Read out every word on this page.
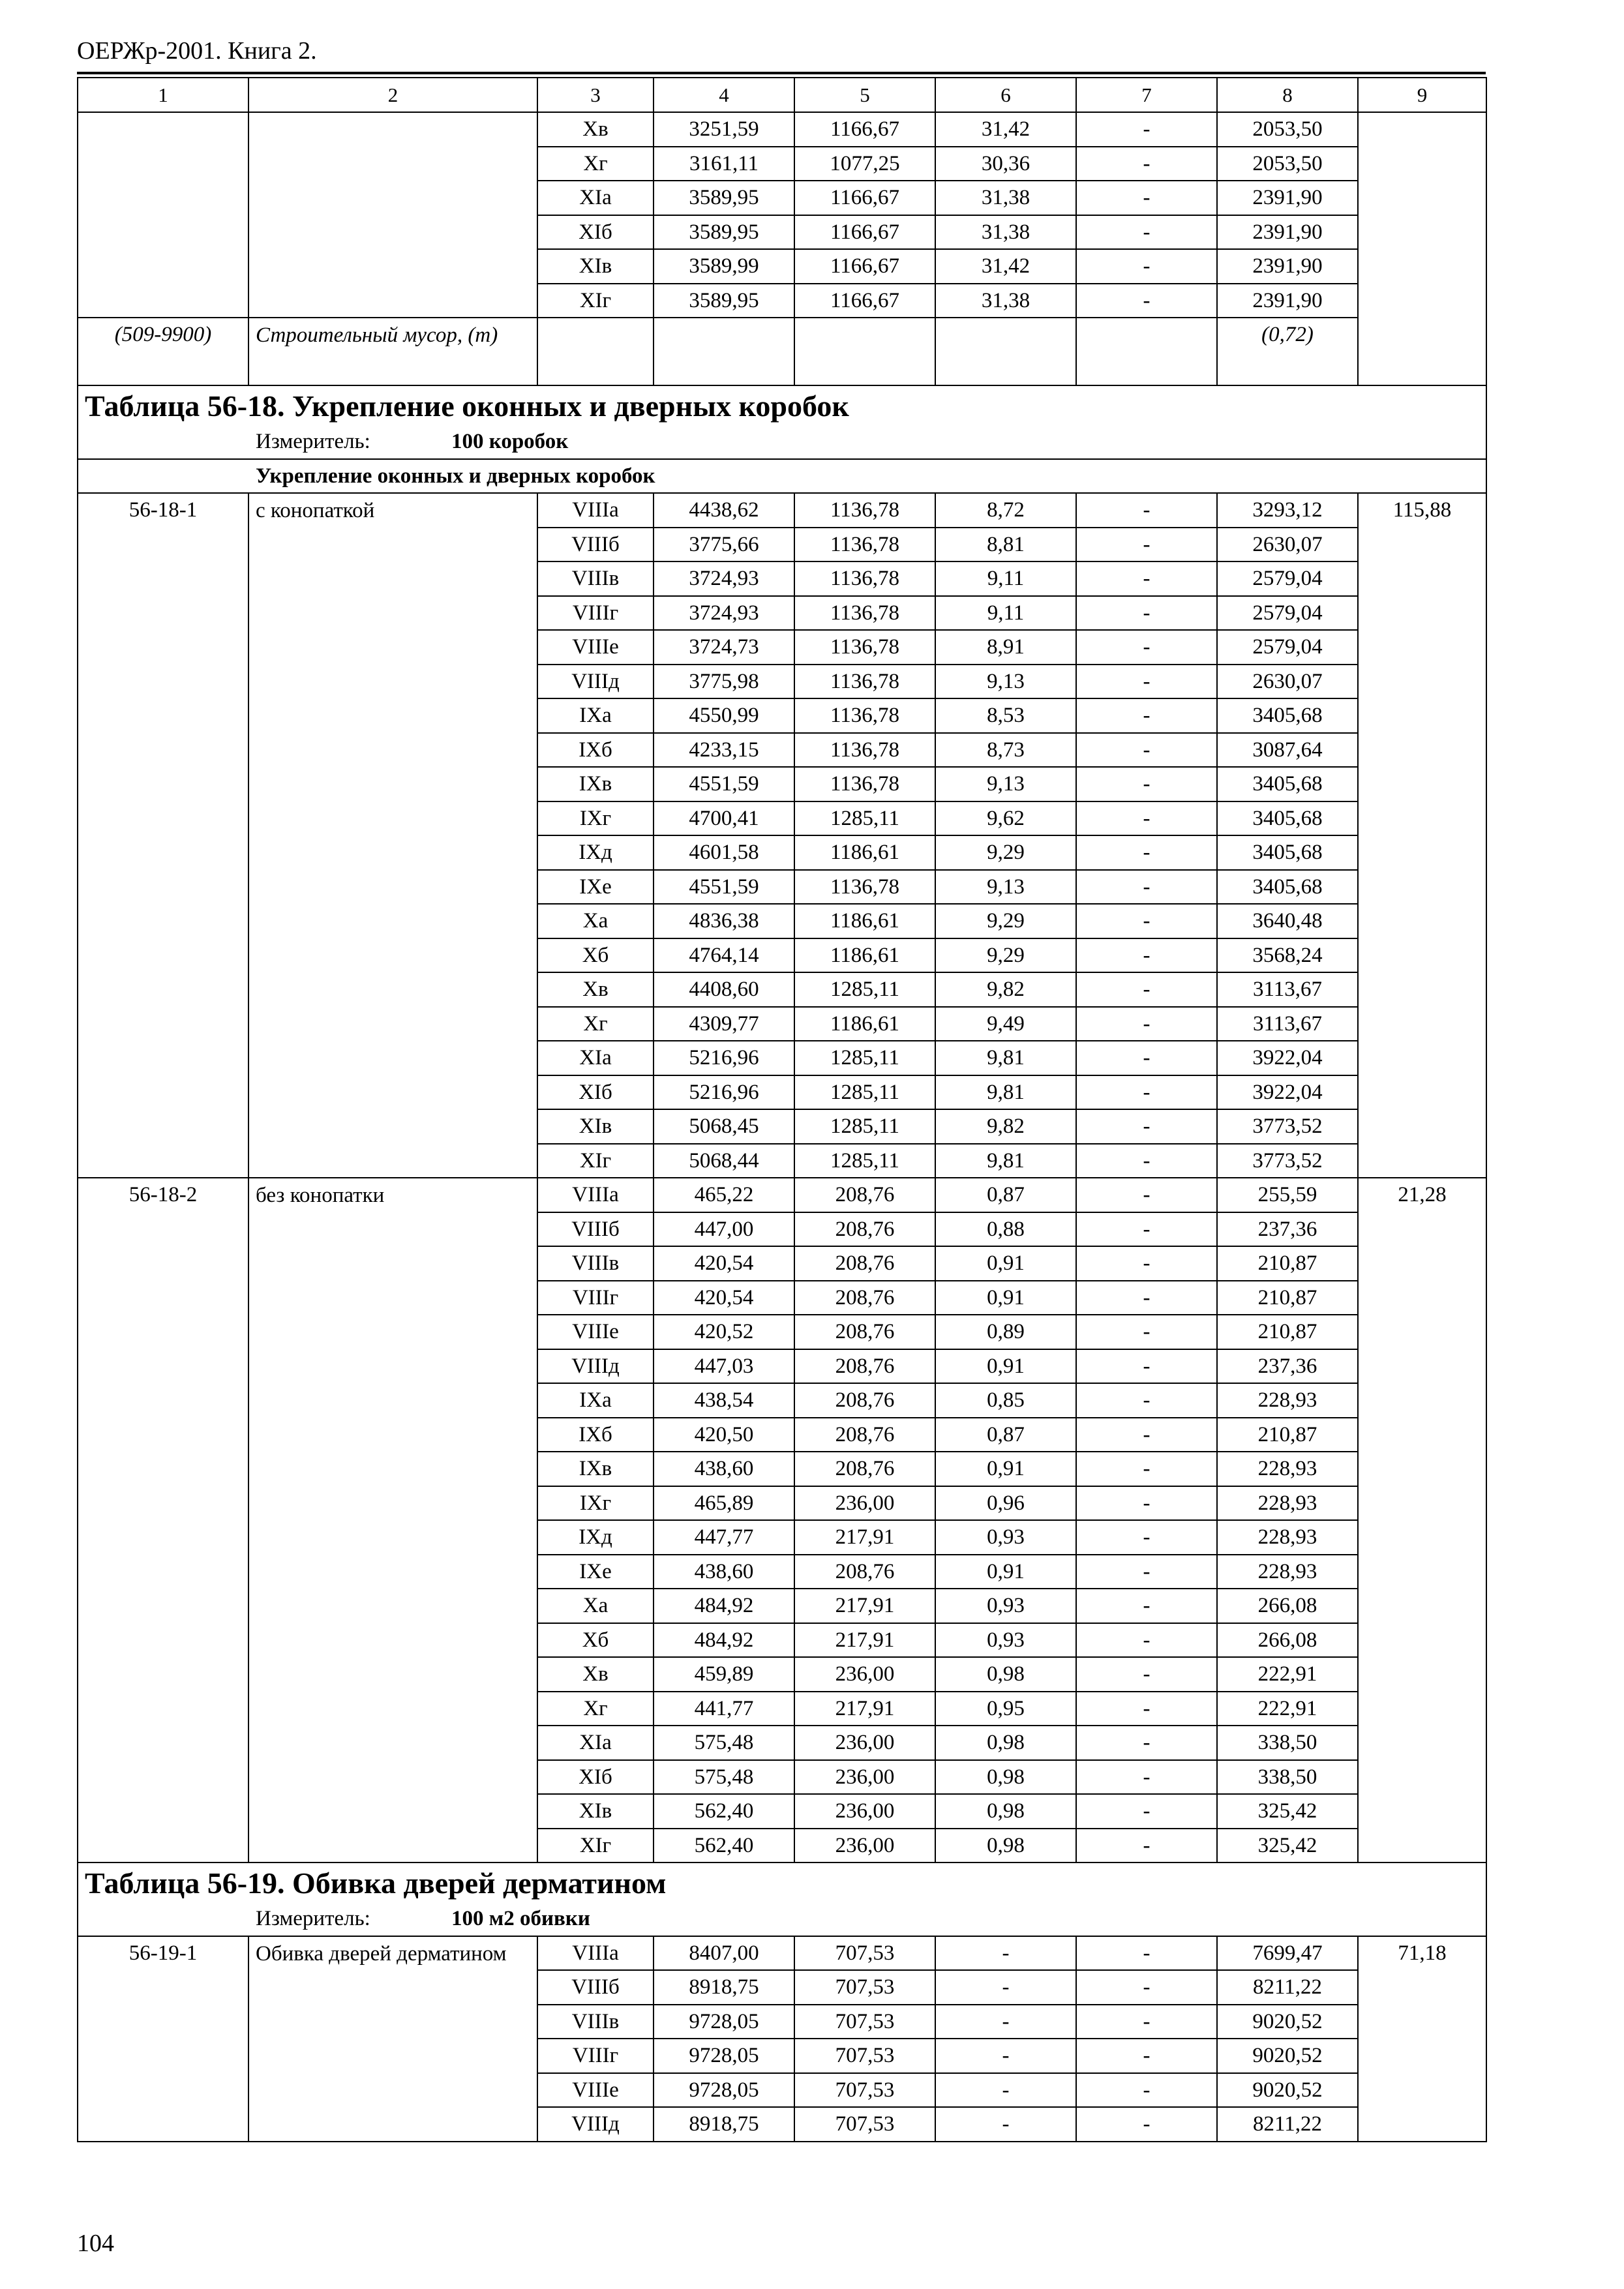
ОЕРЖр-2001. Книга 2.
1	2	3	4	5	6	7	8	9
		Xв	3251,59	1166,67	31,42	-	2053,50	
		Xг	3161,11	1077,25	30,36	-	2053,50	
		XIа	3589,95	1166,67	31,38	-	2391,90	
		XIб	3589,95	1166,67	31,38	-	2391,90	
		XIв	3589,99	1166,67	31,42	-	2391,90	
		XIг	3589,95	1166,67	31,38	-	2391,90	
(509-9900)	Строительный мусор, (т)						(0,72)	
Таблица 56-18. Укрепление оконных и дверных коробок								
Измеритель: 100 коробок								
Укрепление оконных и дверных коробок								
56-18-1	с конопаткой	VIIIа	4438,62	1136,78	8,72	-	3293,12	115,88
		VIIIб	3775,66	1136,78	8,81	-	2630,07	
		VIIIв	3724,93	1136,78	9,11	-	2579,04	
		VIIIг	3724,93	1136,78	9,11	-	2579,04	
		VIIIе	3724,73	1136,78	8,91	-	2579,04	
		VIIIд	3775,98	1136,78	9,13	-	2630,07	
		IXа	4550,99	1136,78	8,53	-	3405,68	
		IXб	4233,15	1136,78	8,73	-	3087,64	
		IXв	4551,59	1136,78	9,13	-	3405,68	
		IXг	4700,41	1285,11	9,62	-	3405,68	
		IXд	4601,58	1186,61	9,29	-	3405,68	
		IXе	4551,59	1136,78	9,13	-	3405,68	
		Xа	4836,38	1186,61	9,29	-	3640,48	
		Xб	4764,14	1186,61	9,29	-	3568,24	
		Xв	4408,60	1285,11	9,82	-	3113,67	
		Xг	4309,77	1186,61	9,49	-	3113,67	
		XIа	5216,96	1285,11	9,81	-	3922,04	
		XIб	5216,96	1285,11	9,81	-	3922,04	
		XIв	5068,45	1285,11	9,82	-	3773,52	
		XIг	5068,44	1285,11	9,81	-	3773,52	
56-18-2	без конопатки	VIIIа	465,22	208,76	0,87	-	255,59	21,28
		VIIIб	447,00	208,76	0,88	-	237,36	
		VIIIв	420,54	208,76	0,91	-	210,87	
		VIIIг	420,54	208,76	0,91	-	210,87	
		VIIIе	420,52	208,76	0,89	-	210,87	
		VIIIд	447,03	208,76	0,91	-	237,36	
		IXа	438,54	208,76	0,85	-	228,93	
		IXб	420,50	208,76	0,87	-	210,87	
		IXв	438,60	208,76	0,91	-	228,93	
		IXг	465,89	236,00	0,96	-	228,93	
		IXд	447,77	217,91	0,93	-	228,93	
		IXе	438,60	208,76	0,91	-	228,93	
		Xа	484,92	217,91	0,93	-	266,08	
		Xб	484,92	217,91	0,93	-	266,08	
		Xв	459,89	236,00	0,98	-	222,91	
		Xг	441,77	217,91	0,95	-	222,91	
		XIа	575,48	236,00	0,98	-	338,50	
		XIб	575,48	236,00	0,98	-	338,50	
		XIв	562,40	236,00	0,98	-	325,42	
		XIг	562,40	236,00	0,98	-	325,42	
Таблица 56-19. Обивка дверей дерматином								
Измеритель: 100 м2 обивки								
56-19-1	Обивка дверей дерматином	VIIIа	8407,00	707,53	-	-	7699,47	71,18
		VIIIб	8918,75	707,53	-	-	8211,22	
		VIIIв	9728,05	707,53	-	-	9020,52	
		VIIIг	9728,05	707,53	-	-	9020,52	
		VIIIе	9728,05	707,53	-	-	9020,52	
		VIIIд	8918,75	707,53	-	-	8211,22	
104
